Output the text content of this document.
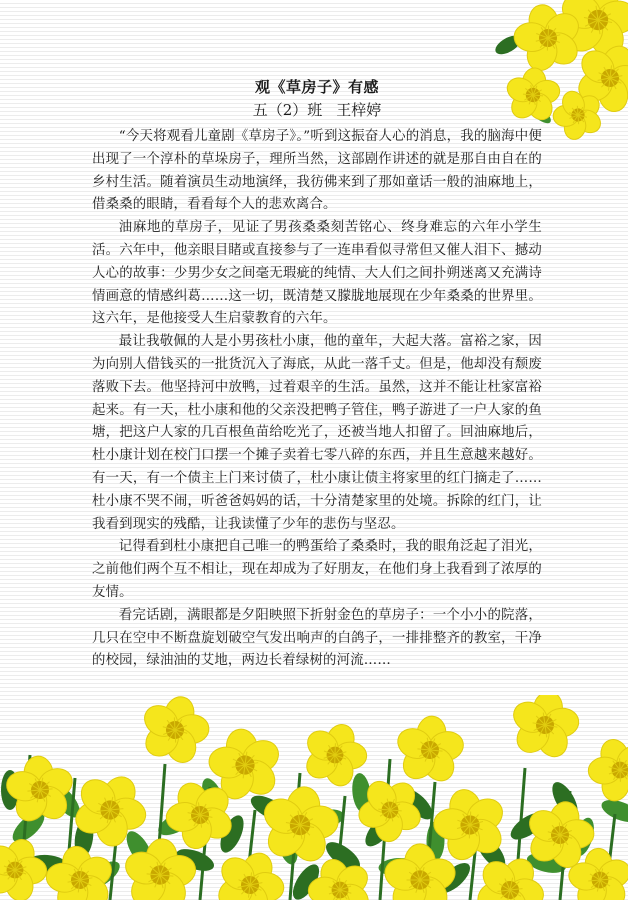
观《草房子》有感
五（2）班 王梓婷

“今天将观看儿童剧《草房子》。”听到这振奋人心的消息，我的脑海中便出现了一个淳朴的草垛房子，理所当然，这部剧作讲述的就是那自由自在的乡村生活。随着演员生动地演绎，我彷佛来到了那如童话一般的油麻地上，借桑桑的眼睛，看看每个人的悲欢离合。

油麻地的草房子，见证了男孩桑桑刻苦铭心、终身难忘的六年小学生活。六年中，他亲眼目睹或直接参与了一连串看似寻常但又催人泪下、撼动人心的故事：少男少女之间毫无瑕疵的纯情、大人们之间扑朔迷离又充满诗情画意的情感纠葛……这一切，既清楚又朦胧地展现在少年桑桑的世界里。这六年，是他接受人生启蒙教育的六年。

最让我敬佩的人是小男孩杜小康，他的童年，大起大落。富裕之家，因为向别人借钱买的一批货沉入了海底，从此一落千丈。但是，他却没有颓废落败下去。他坚持河中放鸭，过着艰辛的生活。虽然，这并不能让杜家富裕起来。有一天，杜小康和他的父亲没把鸭子管住，鸭子游进了一户人家的鱼塘，把这户人家的几百根鱼苗给吃光了，还被当地人扣留了。回油麻地后，杜小康计划在校门口摆一个摊子卖着七零八碎的东西，并且生意越来越好。有一天，有一个债主上门来讨债了，杜小康让债主将家里的红门摘走了……杜小康不哭不闹，听爸爸妈妈的话，十分清楚家里的处境。拆除的红门，让我看到现实的残酷，让我读懂了少年的悲伤与坚忍。

记得看到杜小康把自己唯一的鸭蛋给了桑桑时，我的眼角泛起了泪光，之前他们两个互不相让，现在却成为了好朋友，在他们身上我看到了浓厚的友情。

看完话剧，满眼都是夕阳映照下折射金色的草房子：一个小小的院落，几只在空中不断盘旋划破空气发出响声的白鸽子，一排排整齐的教室，干净的校园，绿油油的艾地，两边长着绿树的河流……
